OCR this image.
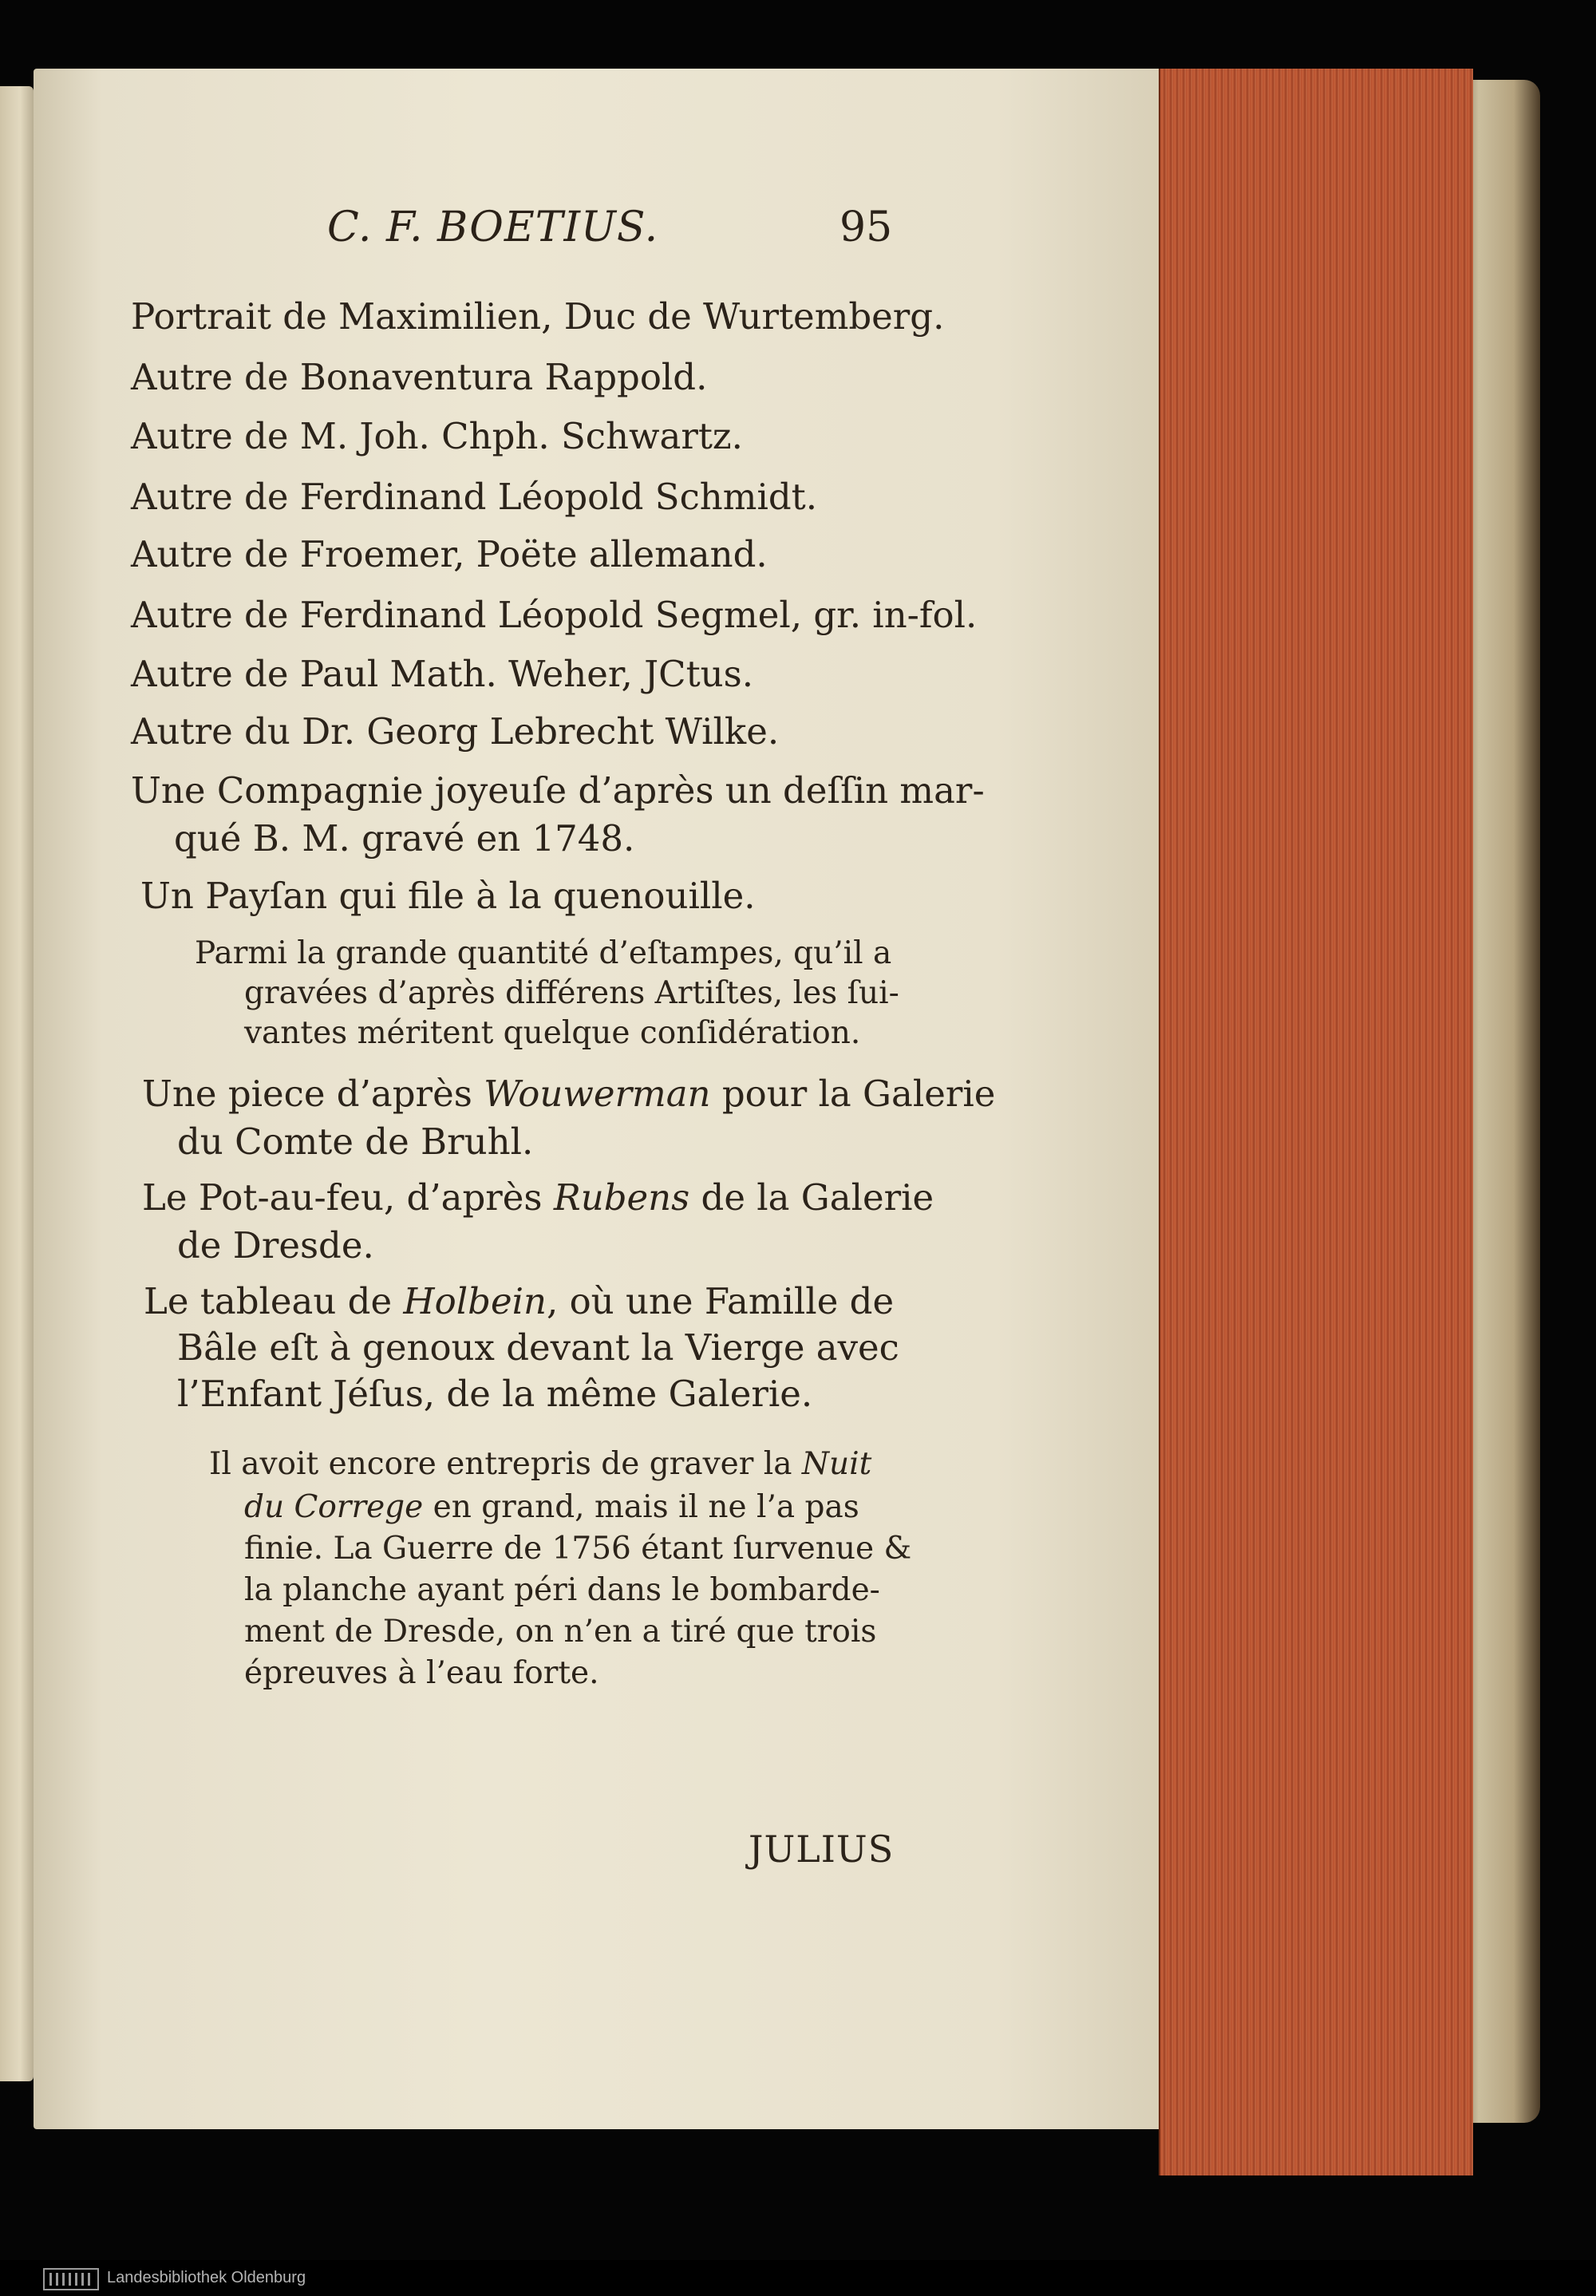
C. F. BOETIUS.	95
Portrait de Maximilien, Duc de Wurtemberg.
Autre de Bonaventura Rappold.
Autre de M. Joh. Chph. Schwartz.
Autre de Ferdinand Léopold Schmidt.
Autre de Froemer, Poëte allemand.
Autre de Ferdinand Léopold Segmel, gr. in-fol.
Autre de Paul Math. Weher, JCtus.
Autre du Dr. Georg Lebrecht Wilke.
Une Compagnie joyeuſe d’après un deſſin mar-
qué B. M. gravé en 1748.
Un Payſan qui file à la quenouille.
Parmi la grande quantité d’eſtampes, qu’il a
gravées d’après différens Artiſtes, les ſui-
vantes méritent quelque conſidération.
Une piece d’après Wouwerman pour la Galerie
du Comte de Bruhl.
Le Pot-au-feu, d’après Rubens de la Galerie
de Dresde.
Le tableau de Holbein, où une Famille de
Bâle eſt à genoux devant la Vierge avec
l’Enfant Jéſus, de la même Galerie.
Il avoit encore entrepris de graver la Nuit
du Correge en grand, mais il ne l’a pas
finie. La Guerre de 1756 étant ſurvenue &
la planche ayant péri dans le bombarde-
ment de Dresde, on n’en a tiré que trois
épreuves à l’eau forte.
JULIUS
Landesbibliothek Oldenburg
